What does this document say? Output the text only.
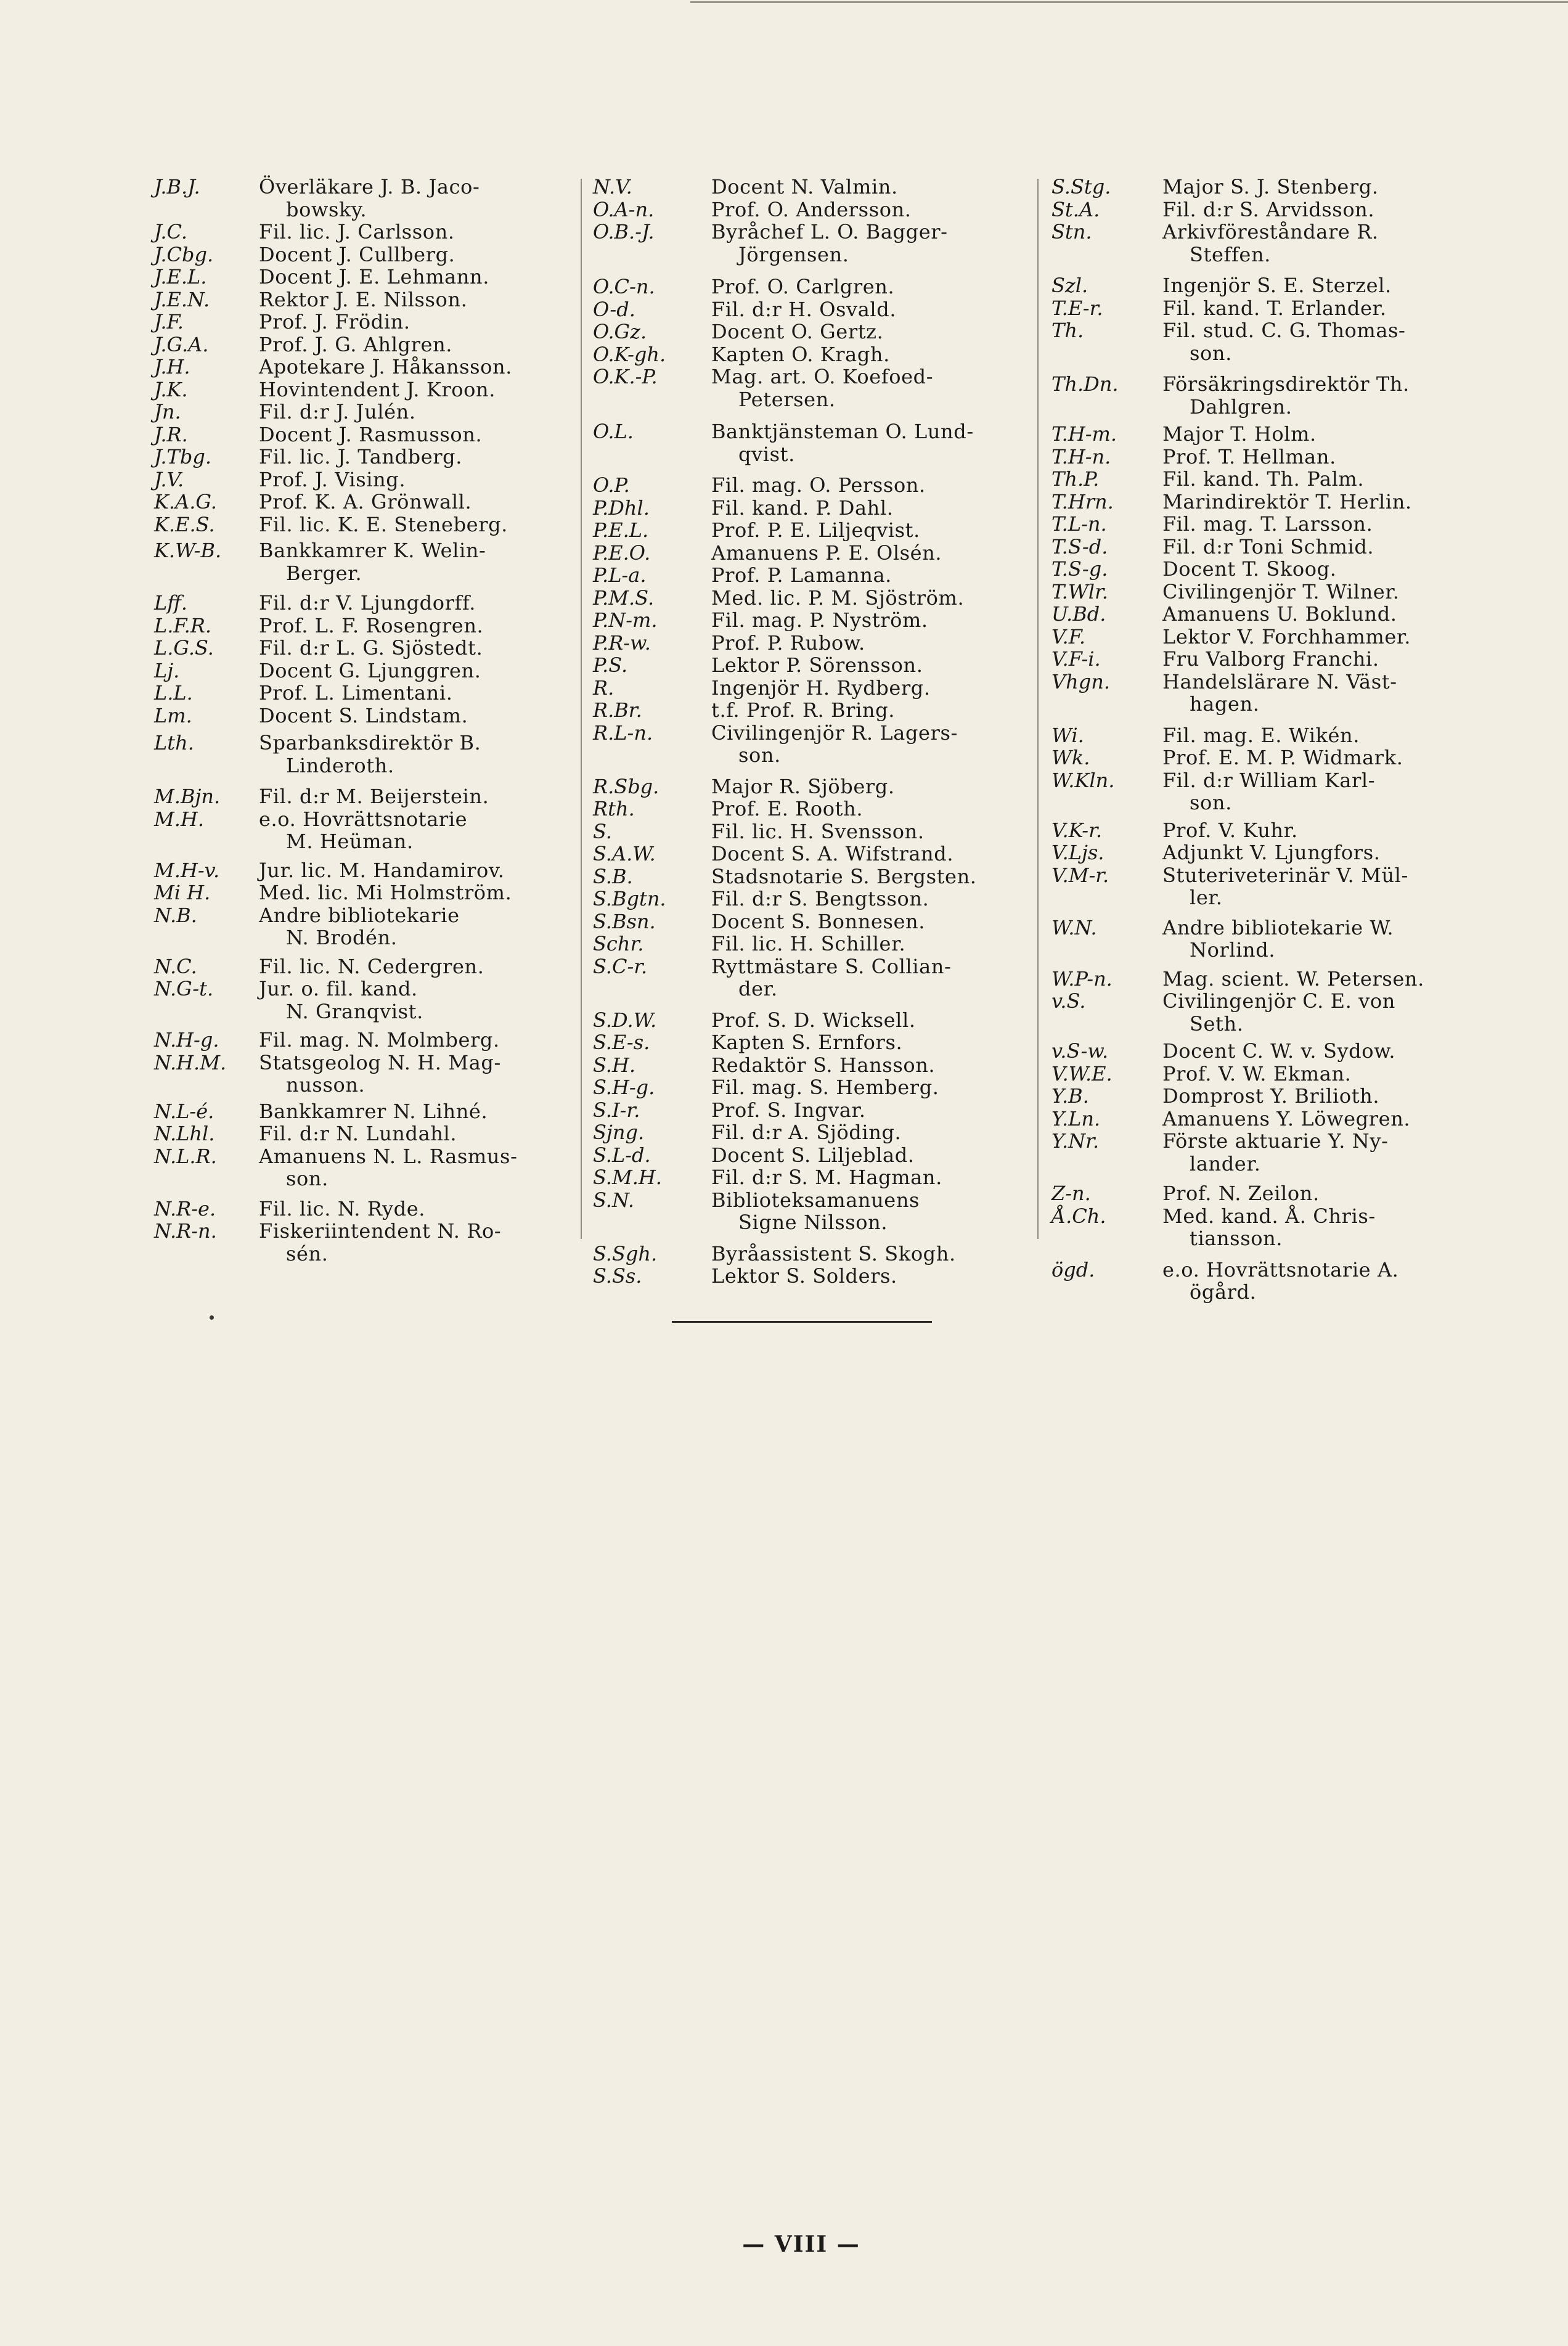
J.B.J.	Överläkare J. B. Jaco-
bowsky.
J.C.	Fil. lic. J. Carlsson.
J.Cbg.	Docent J. Cullberg.
J.E.L.	Docent J. E. Lehmann.
J.E.N.	Rektor J. E. Nilsson.
J.F.	Prof. J. Frödin.
J.G.A.	Prof. J. G. Ahlgren.
J.H.	Apotekare J. Håkansson.
J.K.	Hovintendent J. Kroon.
Jn.	Fil. d:r J. Julén.
J.R.	Docent J. Rasmusson.
J.Tbg.	Fil. lic. J. Tandberg.
J.V.	Prof. J. Vising.
K.A.G.	Prof. K. A. Grönwall.
K.E.S.	Fil. lic. K. E. Steneberg.
K.W-B.	Bankkamrer K. Welin-
Berger.
Lff.	Fil. d:r V. Ljungdorff.
L.F.R.	Prof. L. F. Rosengren.
L.G.S.	Fil. d:r L. G. Sjöstedt.
Lj.	Docent G. Ljunggren.
L.L.	Prof. L. Limentani.
Lm.	Docent S. Lindstam.
Lth.	Sparbanksdirektör B.
Linderoth.
M.Bjn.	Fil. d:r M. Beijerstein.
M.H.	e.o. Hovrättsnotarie
M. Heüman.
M.H-v.	Jur. lic. M. Handamirov.
Mi H.	Med. lic. Mi Holmström.
N.B.	Andre bibliotekarie
N. Brodén.
N.C.	Fil. lic. N. Cedergren.
N.G-t.	Jur. o. fil. kand.
N. Granqvist.
N.H-g.	Fil. mag. N. Molmberg.
N.H.M.	Statsgeolog N. H. Mag-
nusson.
N.L-é.	Bankkamrer N. Lihné.
N.Lhl.	Fil. d:r N. Lundahl.
N.L.R.	Amanuens N. L. Rasmus-
son.
N.R-e.	Fil. lic. N. Ryde.
N.R-n.	Fiskeriintendent N. Ro-
sén.
N.V.	Docent N. Valmin.
O.A-n.	Prof. O. Andersson.
O.B.-J.	Byråchef L. O. Bagger-
Jörgensen.
O.C-n.	Prof. O. Carlgren.
O-d.	Fil. d:r H. Osvald.
O.Gz.	Docent O. Gertz.
O.K-gh.	Kapten O. Kragh.
O.K.-P.	Mag. art. O. Koefoed-
Petersen.
O.L.	Banktjänsteman O. Lund-
qvist.
O.P.	Fil. mag. O. Persson.
P.Dhl.	Fil. kand. P. Dahl.
P.E.L.	Prof. P. E. Liljeqvist.
P.E.O.	Amanuens P. E. Olsén.
P.L-a.	Prof. P. Lamanna.
P.M.S.	Med. lic. P. M. Sjöström.
P.N-m.	Fil. mag. P. Nyström.
P.R-w.	Prof. P. Rubow.
P.S.	Lektor P. Sörensson.
R.	Ingenjör H. Rydberg.
R.Br.	t.f. Prof. R. Bring.
R.L-n.	Civilingenjör R. Lagers-
son.
R.Sbg.	Major R. Sjöberg.
Rth.	Prof. E. Rooth.
S.	Fil. lic. H. Svensson.
S.A.W.	Docent S. A. Wifstrand.
S.B.	Stadsnotarie S. Bergsten.
S.Bgtn.	Fil. d:r S. Bengtsson.
S.Bsn.	Docent S. Bonnesen.
Schr.	Fil. lic. H. Schiller.
S.C-r.	Ryttmästare S. Collian-
der.
S.D.W.	Prof. S. D. Wicksell.
S.E-s.	Kapten S. Ernfors.
S.H.	Redaktör S. Hansson.
S.H-g.	Fil. mag. S. Hemberg.
S.I-r.	Prof. S. Ingvar.
Sjng.	Fil. d:r A. Sjöding.
S.L-d.	Docent S. Liljeblad.
S.M.H.	Fil. d:r S. M. Hagman.
S.N.	Biblioteksamanuens
Signe Nilsson.
S.Sgh.	Byråassistent S. Skogh.
S.Ss.	Lektor S. Solders.
S.Stg.	Major S. J. Stenberg.
St.A.	Fil. d:r S. Arvidsson.
Stn.	Arkivföreståndare R.
Steffen.
Szl.	Ingenjör S. E. Sterzel.
T.E-r.	Fil. kand. T. Erlander.
Th.	Fil. stud. C. G. Thomas-
son.
Th.Dn.	Försäkringsdirektör Th.
Dahlgren.
T.H-m.	Major T. Holm.
T.H-n.	Prof. T. Hellman.
Th.P.	Fil. kand. Th. Palm.
T.Hrn.	Marindirektör T. Herlin.
T.L-n.	Fil. mag. T. Larsson.
T.S-d.	Fil. d:r Toni Schmid.
T.S-g.	Docent T. Skoog.
T.Wlr.	Civilingenjör T. Wilner.
U.Bd.	Amanuens U. Boklund.
V.F.	Lektor V. Forchhammer.
V.F-i.	Fru Valborg Franchi.
Vhgn.	Handelslärare N. Väst-
hagen.
Wi.	Fil. mag. E. Wikén.
Wk.	Prof. E. M. P. Widmark.
W.Kln.	Fil. d:r William Karl-
son.
V.K-r.	Prof. V. Kuhr.
V.Ljs.	Adjunkt V. Ljungfors.
V.M-r.	Stuteriveterinär V. Mül-
ler.
W.N.	Andre bibliotekarie W.
Norlind.
W.P-n.	Mag. scient. W. Petersen.
v.S.	Civilingenjör C. E. von
Seth.
v.S-w.	Docent C. W. v. Sydow.
V.W.E.	Prof. V. W. Ekman.
Y.B.	Domprost Y. Brilioth.
Y.Ln.	Amanuens Y. Löwegren.
Y.Nr.	Förste aktuarie Y. Ny-
lander.
Z-n.	Prof. N. Zeilon.
Å.Ch.	Med. kand. Å. Chris-
tiansson.
ögd.	e.o. Hovrättsnotarie A.
ögård.
— VIII —
